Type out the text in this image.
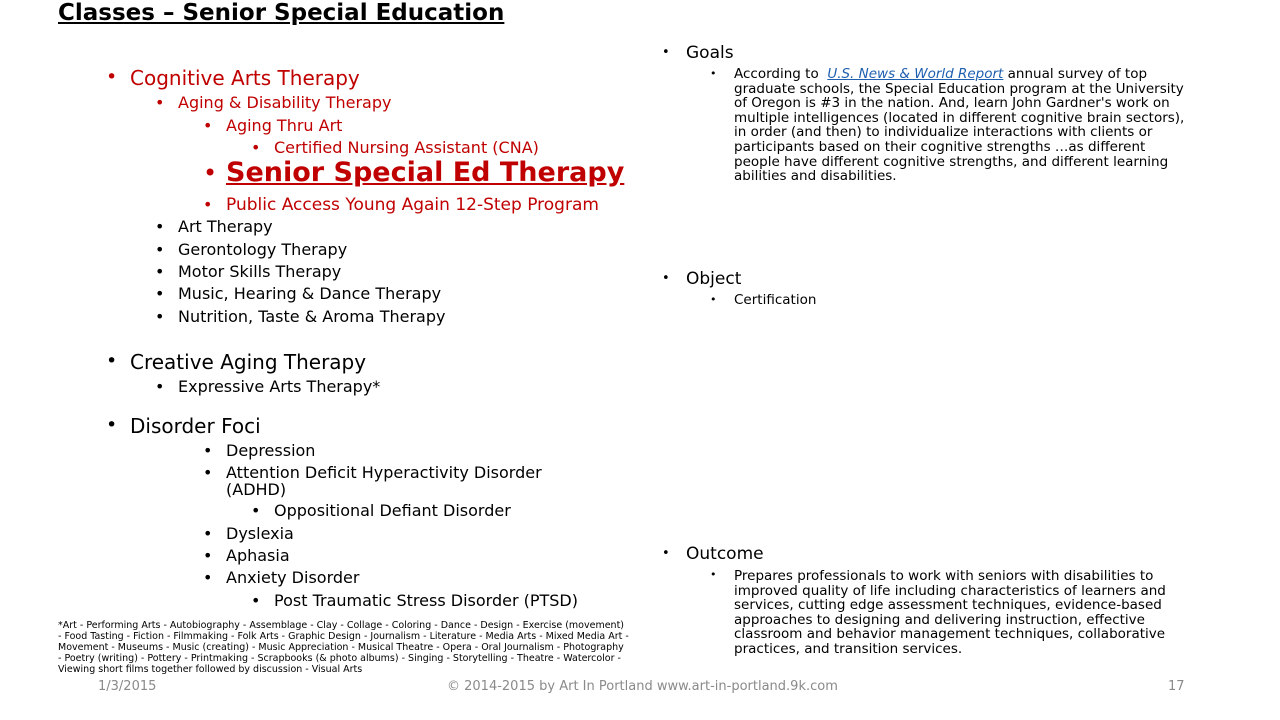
Classes – Senior Special Education
• Cognitive Arts Therapy
• Aging & Disability Therapy
• Aging Thru Art
• Certified Nursing Assistant (CNA)
• Senior Special Ed Therapy
• Public Access Young Again 12-Step Program
• Art Therapy
• Gerontology Therapy
• Motor Skills Therapy
• Music, Hearing & Dance Therapy
• Nutrition, Taste & Aroma Therapy
• Creative Aging Therapy
• Expressive Arts Therapy*
• Disorder Foci
• Depression
• Attention Deficit Hyperactivity Disorder
(ADHD)
• Oppositional Defiant Disorder
• Dyslexia
• Aphasia
• Anxiety Disorder
• Post Traumatic Stress Disorder (PTSD)
*Art - Performing Arts - Autobiography - Assemblage - Clay - Collage - Coloring - Dance - Design - Exercise (movement) - Food Tasting - Fiction - Filmmaking - Folk Arts - Graphic Design - Journalism - Literature - Media Arts - Mixed Media Art - Movement - Museums - Music (creating) - Music Appreciation - Musical Theatre - Opera - Oral Journalism - Photography - Poetry (writing) - Pottery - Printmaking - Scrapbooks (& photo albums) - Singing - Storytelling - Theatre - Watercolor - Viewing short films together followed by discussion - Visual Arts
• Goals
• According to U.S. News & World Report annual survey of top
graduate schools, the Special Education program at the University
of Oregon is #3 in the nation. And, learn John Gardner's work on
multiple intelligences (located in different cognitive brain sectors),
in order (and then) to individualize interactions with clients or
participants based on their cognitive strengths …as different
people have different cognitive strengths, and different learning
abilities and disabilities.
• Object
• Certification
• Outcome
• Prepares professionals to work with seniors with disabilities to
improved quality of life including characteristics of learners and
services, cutting edge assessment techniques, evidence-based
approaches to designing and delivering instruction, effective
classroom and behavior management techniques, collaborative
practices, and transition services.
1/3/2015	© 2014-2015 by Art In Portland www.art-in-portland.9k.com	17
